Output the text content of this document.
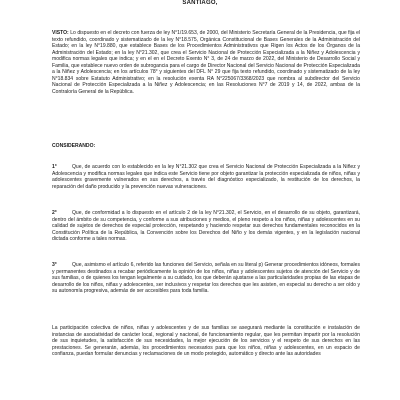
SANTIAGO,
VISTO: Lo dispuesto en el decreto con fuerza de ley N°1/19.653, de 2000, del Ministerio Secretaría General de la Presidencia, que fija el texto refundido, coordinado y sistematizado de la ley N°18.575, Orgánica Constitucional de Bases Generales de la Administración del Estado; en la ley N°19.880, que establece Bases de los Procedimientos Administrativos que Rigen los Actos de los Órganos de la Administración del Estado; en la ley N°21.302, que crea el Servicio Nacional de Protección Especializada a la Niñez y Adolescencia y modifica normas legales que indica; y en el en el Decreto Exento N° 3, de 24 de marzo de 2022, del Ministerio de Desarrollo Social y Familia, que establece nuevo orden de subrogancia para el cargo de Director Nacional del Servicio Nacional de Protección Especializada a la Niñez y Adolescencia; en los artículos 78° y siguientes del DFL N° 29 que fija texto refundido, coordinado y sistematizado de la ley N°18.834 sobre Estatuto Administrativo; en la resolución exenta RA N°225067/3368/2023 que nombra al subdirector del Servicio Nacional de Protección Especializada a la Niñez y Adolescencia; en las Resoluciones N°7 de 2019 y 14, de 2022, ambas de la Contraloría General de la República.
CONSIDERANDO:
1°	Que, de acuerdo con lo establecido en la ley N°21.302 que crea el Servicio Nacional de Protección Especializada a la Niñez y Adolescencia y modifica normas legales que indica este Servicio tiene por objeto garantizar la protección especializada de niños, niñas y adolescentes gravemente vulnerados en sus derechos, a través del diagnóstico especializado, la restitución de los derechos, la reparación del daño producido y la prevención nuevas vulneraciones.
2°	Que, de conformidad a lo dispuesto en el artículo 2 de la ley N°21.302, el Servicio, en el desarrollo de su objeto, garantizará, dentro del ámbito de su competencia, y conforme a sus atribuciones y medios, el pleno respeto a los niños, niñas y adolescentes en su calidad de sujetos de derechos de especial protección, respetando y haciendo respetar sus derechos fundamentales reconocidos en la Constitución Política de la República, la Convención sobre los Derechos del Niño y los demás vigentes, y en la legislación nacional dictada conforme a tales normas.
3°	Que, asimismo el artículo 6, referido las funciones del Servicio, señala en su literal p) Generar procedimientos idóneos, formales y permanentes destinados a recabar periódicamente la opinión de los niños, niñas y adolescentes sujetos de atención del Servicio y de sus familias, o de quienes los tengan legalmente a su cuidado, los que deberán ajustarse a las particularidades propias de las etapas de desarrollo de los niños, niñas y adolescentes, ser inclusivos y respetar los derechos que les asisten, en especial su derecho a ser oído y su autonomía progresiva, además de ser accesibles para toda familia.
La participación colectiva de niños, niñas y adolescentes y de sus familias se asegurará mediante la constitución e instalación de instancias de asociatividad de carácter local, regional y nacional, de funcionamiento regular, que les permitan impartir por la resolución de sus inquietudes, la satisfacción de sus necesidades, la mejor ejecución de los servicios y el respeto de sus derechos en las prestaciones. Se generarán, además, los procedimientos necesarios para que los niños, niñas y adolescentes, en un espacio de confianza, puedan formular denuncias y reclamaciones de un modo protegido, automático y directo ante las autoridades
